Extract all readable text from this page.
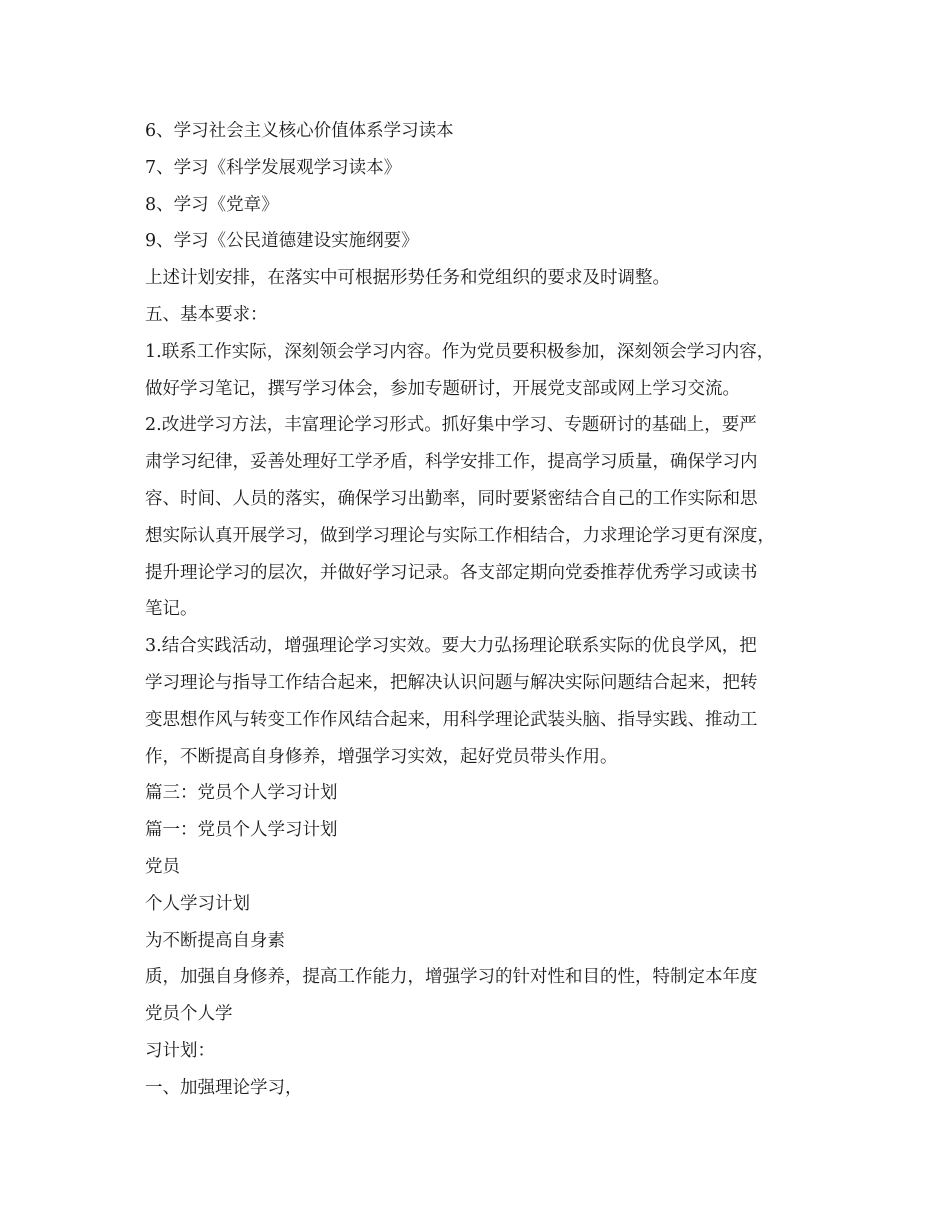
6、学习社会主义核心价值体系学习读本
7、学习《科学发展观学习读本》
8、学习《党章》
9、学习《公民道德建设实施纲要》
上述计划安排，在落实中可根据形势任务和党组织的要求及时调整。
五、基本要求：
1.联系工作实际，深刻领会学习内容。作为党员要积极参加，深刻领会学习内容，
做好学习笔记，撰写学习体会，参加专题研讨，开展党支部或网上学习交流。
2.改进学习方法，丰富理论学习形式。抓好集中学习、专题研讨的基础上，要严
肃学习纪律，妥善处理好工学矛盾，科学安排工作，提高学习质量，确保学习内
容、时间、人员的落实，确保学习出勤率，同时要紧密结合自己的工作实际和思
想实际认真开展学习，做到学习理论与实际工作相结合，力求理论学习更有深度，
提升理论学习的层次，并做好学习记录。各支部定期向党委推荐优秀学习或读书
笔记。
3.结合实践活动，增强理论学习实效。要大力弘扬理论联系实际的优良学风，把
学习理论与指导工作结合起来，把解决认识问题与解决实际问题结合起来，把转
变思想作风与转变工作作风结合起来，用科学理论武装头脑、指导实践、推动工
作，不断提高自身修养，增强学习实效，起好党员带头作用。
篇三：党员个人学习计划
篇一：党员个人学习计划
党员
个人学习计划
为不断提高自身素
质，加强自身修养，提高工作能力，增强学习的针对性和目的性，特制定本年度
党员个人学
习计划：
一、加强理论学习，
